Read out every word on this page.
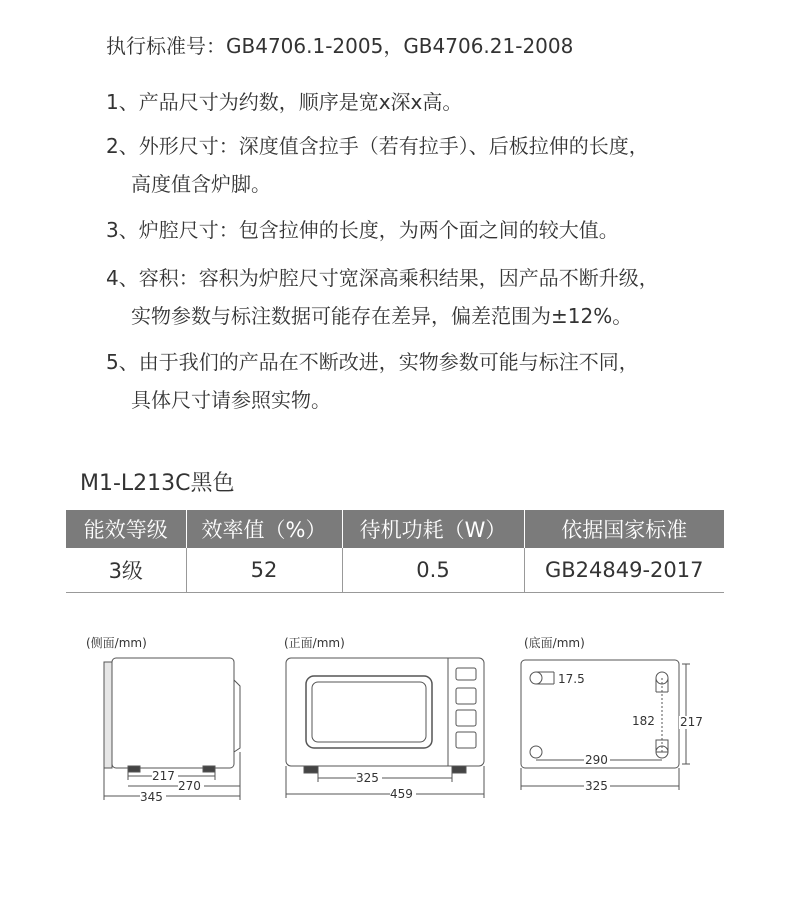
执行标准号：GB4706.1-2005，GB4706.21-2008
1、产品尺寸为约数，顺序是宽x深x高。
2、外形尺寸：深度值含拉手（若有拉手）、后板拉伸的长度，
高度值含炉脚。
3、炉腔尺寸：包含拉伸的长度，为两个面之间的较大值。
4、容积：容积为炉腔尺寸宽深高乘积结果，因产品不断升级，
实物参数与标注数据可能存在差异，偏差范围为±12%。
5、由于我们的产品在不断改进，实物参数可能与标注不同，
具体尺寸请参照实物。
M1-L213C黑色
能效等级	效率值（%）	待机功耗（W）	依据国家标准
3级	52	0.5	GB24849-2017
(侧面/mm)	(正面/mm)	(底面/mm)
217
270
345
325
459
17.5
182 217
290
325
